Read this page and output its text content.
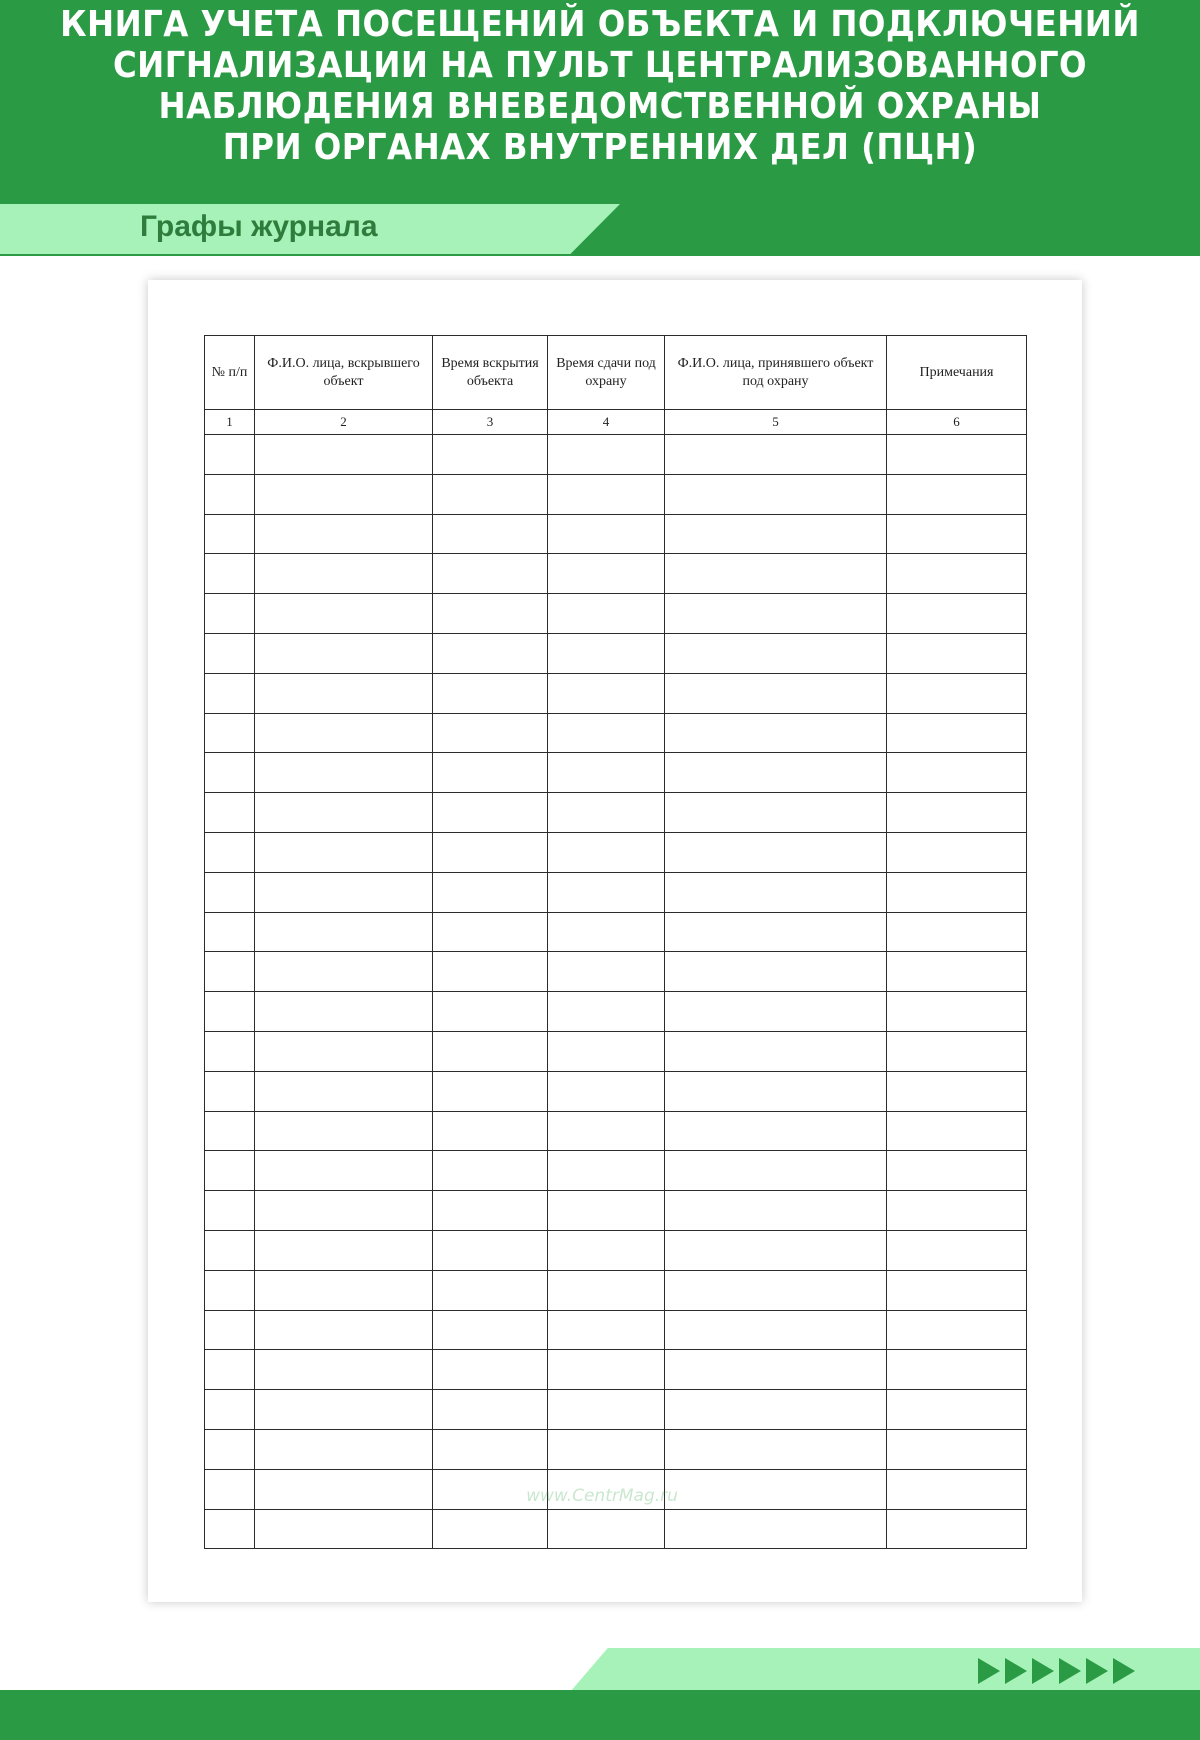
КНИГА УЧЕТА ПОСЕЩЕНИЙ ОБЪЕКТА И ПОДКЛЮЧЕНИЙ
СИГНАЛИЗАЦИИ НА ПУЛЬТ ЦЕНТРАЛИЗОВАННОГО
НАБЛЮДЕНИЯ ВНЕВЕДОМСТВЕННОЙ ОХРАНЫ
ПРИ ОРГАНАХ ВНУТРЕННИХ ДЕЛ (ПЦН)
Графы журнала
№ п/п	Ф.И.О. лица, вскрывшего объект	Время вскрытия объекта	Время сдачи под охрану	Ф.И.О. лица, принявшего объект под охрану	Примечания
1	2	3	4	5	6

www.CentrMag.ru
